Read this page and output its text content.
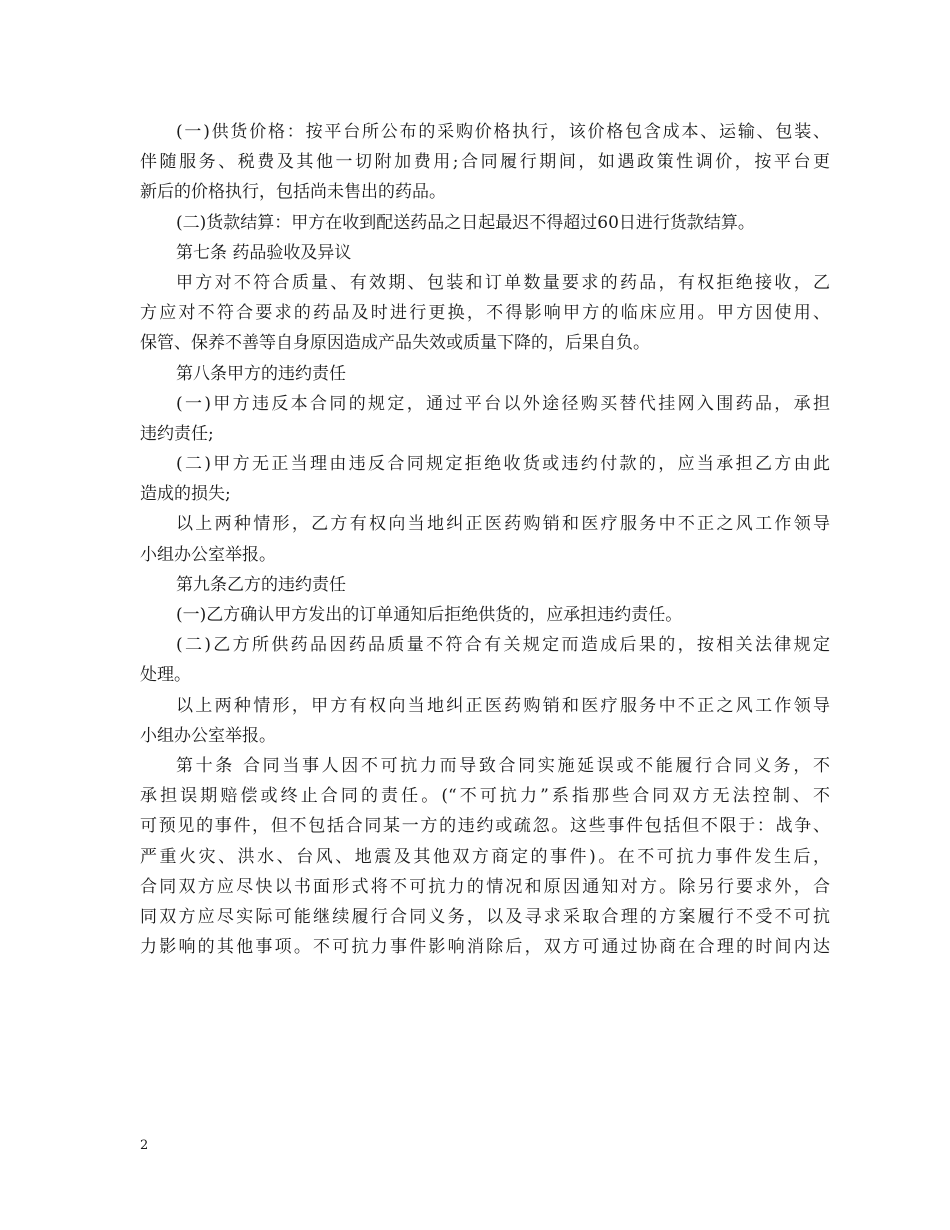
(一)供货价格：按平台所公布的采购价格执行，该价格包含成本、运输、包装、
伴随服务、税费及其他一切附加费用;合同履行期间，如遇政策性调价，按平台更
新后的价格执行，包括尚未售出的药品。
(二)货款结算：甲方在收到配送药品之日起最迟不得超过60日进行货款结算。
第七条 药品验收及异议
甲方对不符合质量、有效期、包装和订单数量要求的药品，有权拒绝接收，乙
方应对不符合要求的药品及时进行更换，不得影响甲方的临床应用。甲方因使用、
保管、保养不善等自身原因造成产品失效或质量下降的，后果自负。
第八条甲方的违约责任
(一)甲方违反本合同的规定，通过平台以外途径购买替代挂网入围药品，承担
违约责任;
(二)甲方无正当理由违反合同规定拒绝收货或违约付款的，应当承担乙方由此
造成的损失;
以上两种情形，乙方有权向当地纠正医药购销和医疗服务中不正之风工作领导
小组办公室举报。
第九条乙方的违约责任
(一)乙方确认甲方发出的订单通知后拒绝供货的，应承担违约责任。
(二)乙方所供药品因药品质量不符合有关规定而造成后果的，按相关法律规定
处理。
以上两种情形，甲方有权向当地纠正医药购销和医疗服务中不正之风工作领导
小组办公室举报。
第十条 合同当事人因不可抗力而导致合同实施延误或不能履行合同义务，不
承担误期赔偿或终止合同的责任。(“不可抗力”系指那些合同双方无法控制、不
可预见的事件，但不包括合同某一方的违约或疏忽。这些事件包括但不限于：战争、
严重火灾、洪水、台风、地震及其他双方商定的事件)。在不可抗力事件发生后，
合同双方应尽快以书面形式将不可抗力的情况和原因通知对方。除另行要求外，合
同双方应尽实际可能继续履行合同义务，以及寻求采取合理的方案履行不受不可抗
力影响的其他事项。不可抗力事件影响消除后，双方可通过协商在合理的时间内达
2
